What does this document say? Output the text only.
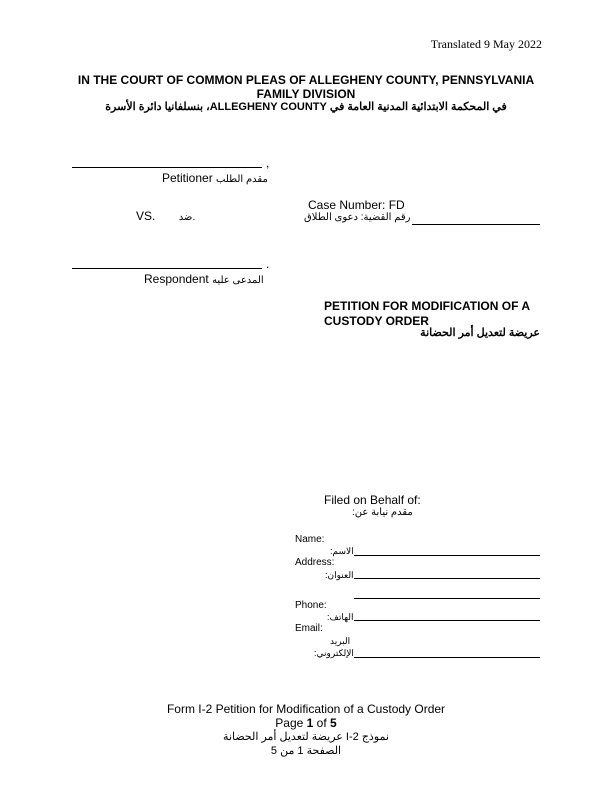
Translated 9 May 2022
IN THE COURT OF COMMON PLEAS OF ALLEGHENY COUNTY, PENNSYLVANIA
FAMILY DIVISION
في المحكمة الابتدائية المدنية العامة في ALLEGHENY COUNTY، بنسلفانيا دائرة الأسرة
,
Petitioner مقدم الطلب
VS. ضد.
Case Number: FD
رقم القضية: دعوى الطلاق
.
Respondent المدعى عليه
PETITION FOR MODIFICATION OF A
CUSTODY ORDER
عريضة لتعديل أمر الحضانة
Filed on Behalf of:
مقدم نيابة عن:
Name:
الاسم:
Address:
العنوان:
Phone:
الهاتف:
Email:
البريد
الإلكتروني:
Form I-2 Petition for Modification of a Custody Order
Page 1 of 5
نموذج I-2 عريضة لتعديل أمر الحضانة
الصفحة 1 من 5
